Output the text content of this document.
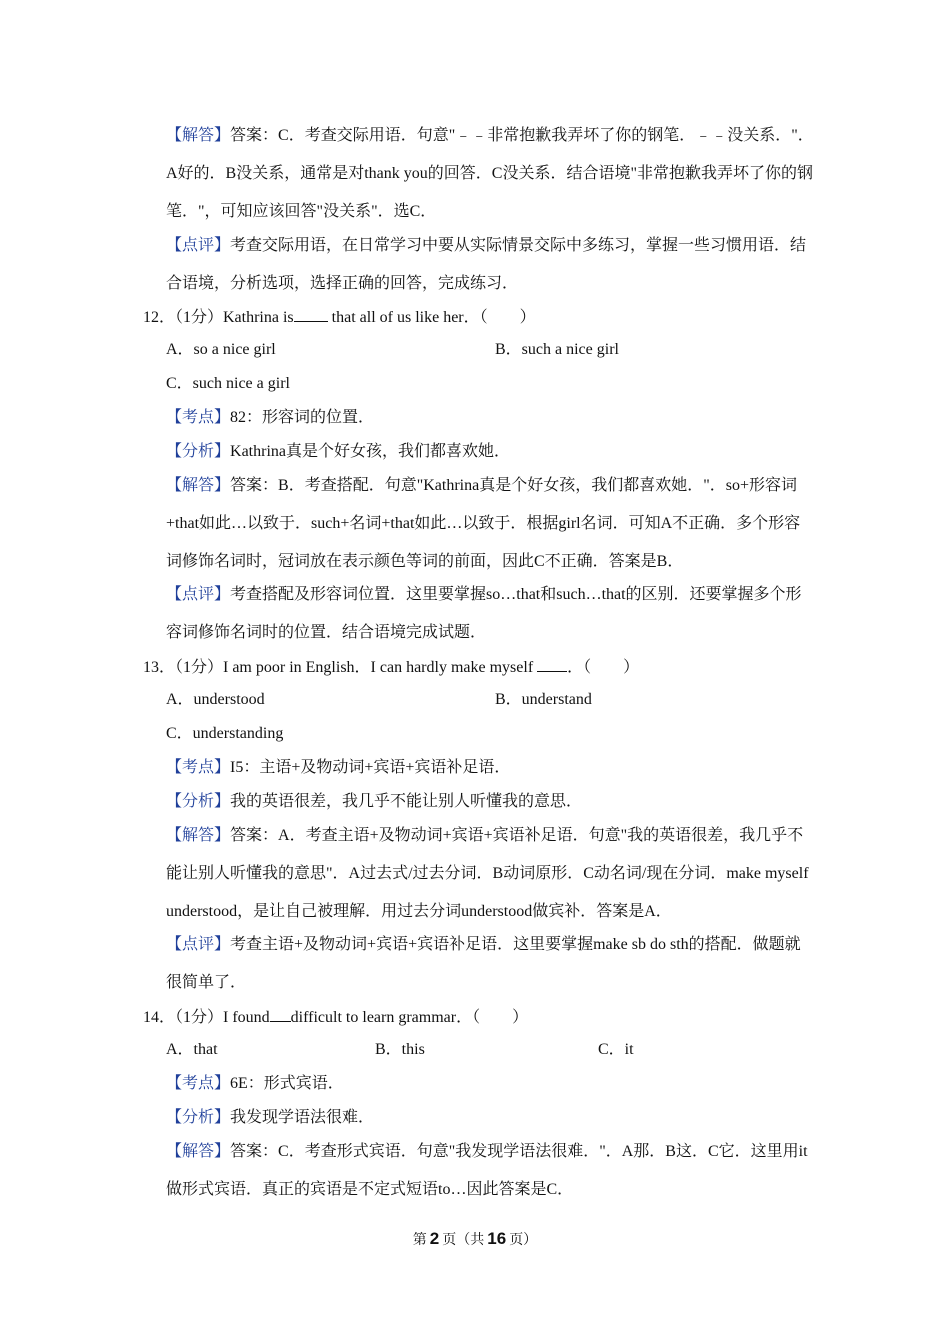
【解答】答案：C．考查交际用语．句意"﹣﹣非常抱歉我弄坏了你的钢笔．﹣﹣没关系．"．A好的．B没关系，通常是对thank you的回答．C没关系．结合语境"非常抱歉我弄坏了你的钢笔．"，可知应该回答"没关系"．选C．

【点评】考查交际用语，在日常学习中要从实际情景交际中多练习，掌握一些习惯用语．结合语境，分析选项，选择正确的回答，完成练习．

12．（1分）Kathrina is that all of us like her．（　　）
A．so a nice girl	B．such a nice girl
C．such nice a girl
【考点】82：形容词的位置．
【分析】Kathrina真是个好女孩，我们都喜欢她．

【解答】答案：B．考查搭配．句意"Kathrina真是个好女孩，我们都喜欢她．"．so+形容词+that如此…以致于．such+名词+that如此…以致于．根据girl名词．可知A不正确．多个形容词修饰名词时，冠词放在表示颜色等词的前面，因此C不正确．答案是B．

【点评】考查搭配及形容词位置．这里要掌握so…that和such…that的区别．还要掌握多个形容词修饰名词时的位置．结合语境完成试题．

13．（1分）I am poor in English．I can hardly make myself ．（　　）
A．understood	B．understand
C．understanding
【考点】I5：主语+及物动词+宾语+宾语补足语．
【分析】我的英语很差，我几乎不能让别人听懂我的意思．

【解答】答案：A．考查主语+及物动词+宾语+宾语补足语．句意"我的英语很差，我几乎不能让别人听懂我的意思"．A过去式/过去分词．B动词原形．C动名词/现在分词．make myself understood，是让自己被理解．用过去分词understood做宾补．答案是A．

【点评】考查主语+及物动词+宾语+宾语补足语．这里要掌握make sb do sth的搭配．做题就很简单了．

14．（1分）I found difficult to learn grammar．（　　）
A．that	B．this	C．it
【考点】6E：形式宾语．
【分析】我发现学语法很难．

【解答】答案：C．考查形式宾语．句意"我发现学语法很难．"．A那．B这．C它．这里用it做形式宾语．真正的宾语是不定式短语to…因此答案是C．

第 2 页（共 16 页）
